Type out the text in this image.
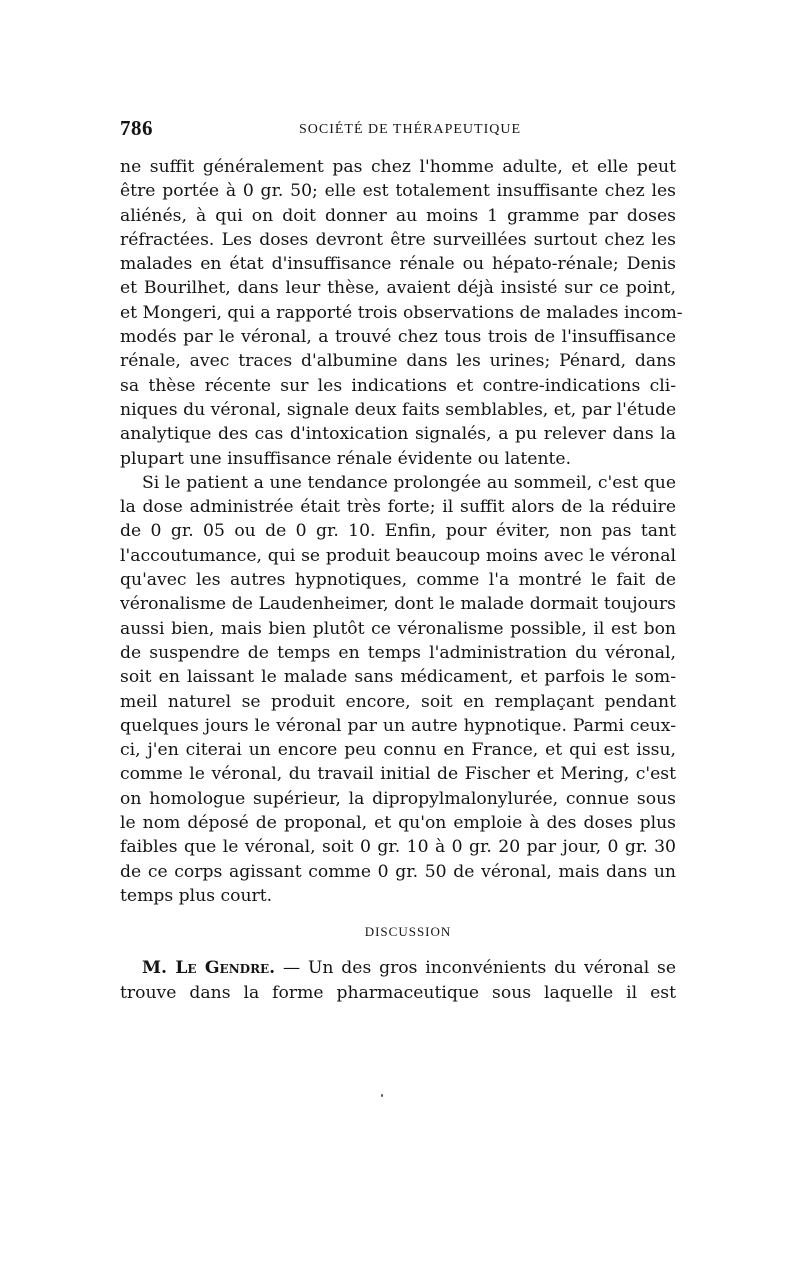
786	SOCIÉTÉ DE THÉRAPEUTIQUE
ne suffit généralement pas chez l'homme adulte, et elle peut
être portée à 0 gr. 50; elle est totalement insuffisante chez les
aliénés, à qui on doit donner au moins 1 gramme par doses
réfractées. Les doses devront être surveillées surtout chez les
malades en état d'insuffisance rénale ou hépato-rénale; Denis
et Bourilhet, dans leur thèse, avaient déjà insisté sur ce point,
et Mongeri, qui a rapporté trois observations de malades incom-
modés par le véronal, a trouvé chez tous trois de l'insuffisance
rénale, avec traces d'albumine dans les urines; Pénard, dans
sa thèse récente sur les indications et contre-indications cli-
niques du véronal, signale deux faits semblables, et, par l'étude
analytique des cas d'intoxication signalés, a pu relever dans la
plupart une insuffisance rénale évidente ou latente.
Si le patient a une tendance prolongée au sommeil, c'est que
la dose administrée était très forte; il suffit alors de la réduire
de 0 gr. 05 ou de 0 gr. 10. Enfin, pour éviter, non pas tant
l'accoutumance, qui se produit beaucoup moins avec le véronal
qu'avec les autres hypnotiques, comme l'a montré le fait de
véronalisme de Laudenheimer, dont le malade dormait toujours
aussi bien, mais bien plutôt ce véronalisme possible, il est bon
de suspendre de temps en temps l'administration du véronal,
soit en laissant le malade sans médicament, et parfois le som-
meil naturel se produit encore, soit en remplaçant pendant
quelques jours le véronal par un autre hypnotique. Parmi ceux-
ci, j'en citerai un encore peu connu en France, et qui est issu,
comme le véronal, du travail initial de Fischer et Mering, c'est
on homologue supérieur, la dipropylmalonylurée, connue sous
le nom déposé de proponal, et qu'on emploie à des doses plus
faibles que le véronal, soit 0 gr. 10 à 0 gr. 20 par jour, 0 gr. 30
de ce corps agissant comme 0 gr. 50 de véronal, mais dans un
temps plus court.
DISCUSSION
M. Le Gendre. — Un des gros inconvénients du véronal se
trouve dans la forme pharmaceutique sous laquelle il est
